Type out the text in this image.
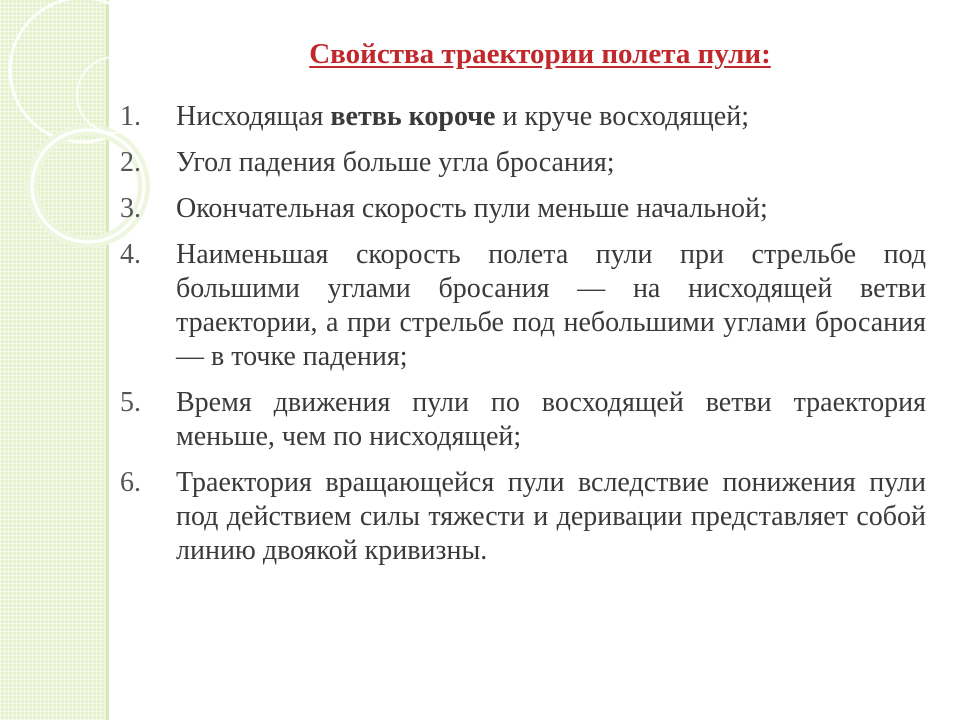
Свойства траектории полета пули:
1.	Нисходящая ветвь короче и круче восходящей;
2.	Угол падения больше угла бросания;
3.	Окончательная скорость пули меньше начальной;
4.	Наименьшая скорость полета пули при стрельбе под большими углами бросания — на нисходящей ветви траектории, а при стрельбе под небольшими углами бросания— в точке падения;
5.	Время движения пули по восходящей ветви траектория меньше, чем по нисходящей;
6.	Траектория вращающейся пули вследствие понижения пули под действием силы тяжести и деривации представляет собой линию двоякой кривизны.
